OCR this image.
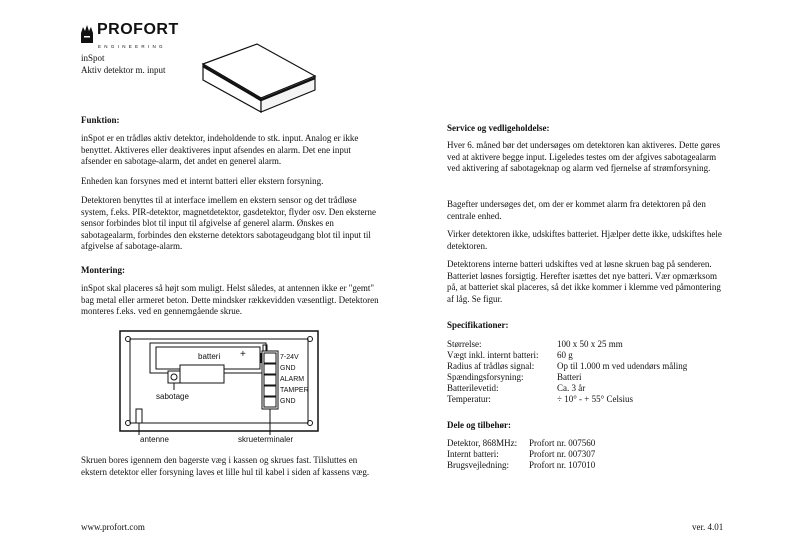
PROFORT
ENGINEERING
inSpot
Aktiv detektor m. input
Funktion:

inSpot er en trådløs aktiv detektor, indeholdende to stk. input. Analog er ikke benyttet. Aktiveres eller deaktiveres input afsendes en alarm. Det ene input afsender en sabotage-alarm, det andet en generel alarm.

Enheden kan forsynes med et internt batteri eller ekstern forsyning.

Detektoren benyttes til at interface imellem en ekstern sensor og det trådløse system, f.eks. PIR-detektor, magnetdetektor, gasdetektor, flyder osv. Den eksterne sensor forbindes blot til input til afgivelse af generel alarm. Ønskes en sabotagealarm, forbindes den eksterne detektors sabotageudgang blot til input til afgivelse af sabotage-alarm.

Montering:

inSpot skal placeres så højt som muligt. Helst således, at antennen ikke er "gemt" bag metal eller armeret beton. Dette mindsker rækkevidden væsentligt. Detektoren monteres f.eks. ved en gennemgående skrue.

batteri +	7-24V
GND
ALARM
TAMPER
GND
sabotage
antenne	skrueterminaler

Skruen bores igennem den bagerste væg i kassen og skrues fast. Tilsluttes en ekstern detektor eller forsyning laves et lille hul til kabel i siden af kassens væg.

Service og vedligeholdelse:

Hver 6. måned bør det undersøges om detektoren kan aktiveres. Dette gøres ved at aktivere begge input. Ligeledes testes om der afgives sabotagealarm ved aktivering af sabotageknap og alarm ved fjernelse af strømforsyning.

Bagefter undersøges det, om der er kommet alarm fra detektoren på den centrale enhed.

Virker detektoren ikke, udskiftes batteriet. Hjælper dette ikke, udskiftes hele detektoren.

Detektorens interne batteri udskiftes ved at løsne skruen bag på senderen. Batteriet løsnes forsigtig. Herefter isættes det nye batteri. Vær opmærksom på, at batteriet skal placeres, så det ikke kommer i klemme ved påmontering af låg. Se figur.

Specifikationer:
Størrelse:	100 x 50 x 25 mm
Vægt inkl. internt batteri: 60 g
Radius af trådløs signal:	Op til 1.000 m ved udendørs måling
Spændingsforsyning:	Batteri
Batterilevetid:	Ca. 3 år
Temperatur:	÷ 10° - + 55° Celsius
Dele og tilbehør:
Detektor, 868MHz: Profort nr. 007560
Internt batteri:	Profort nr. 007307
Brugsvejledning: Profort nr. 107010
www.profort.com	ver. 4.01
